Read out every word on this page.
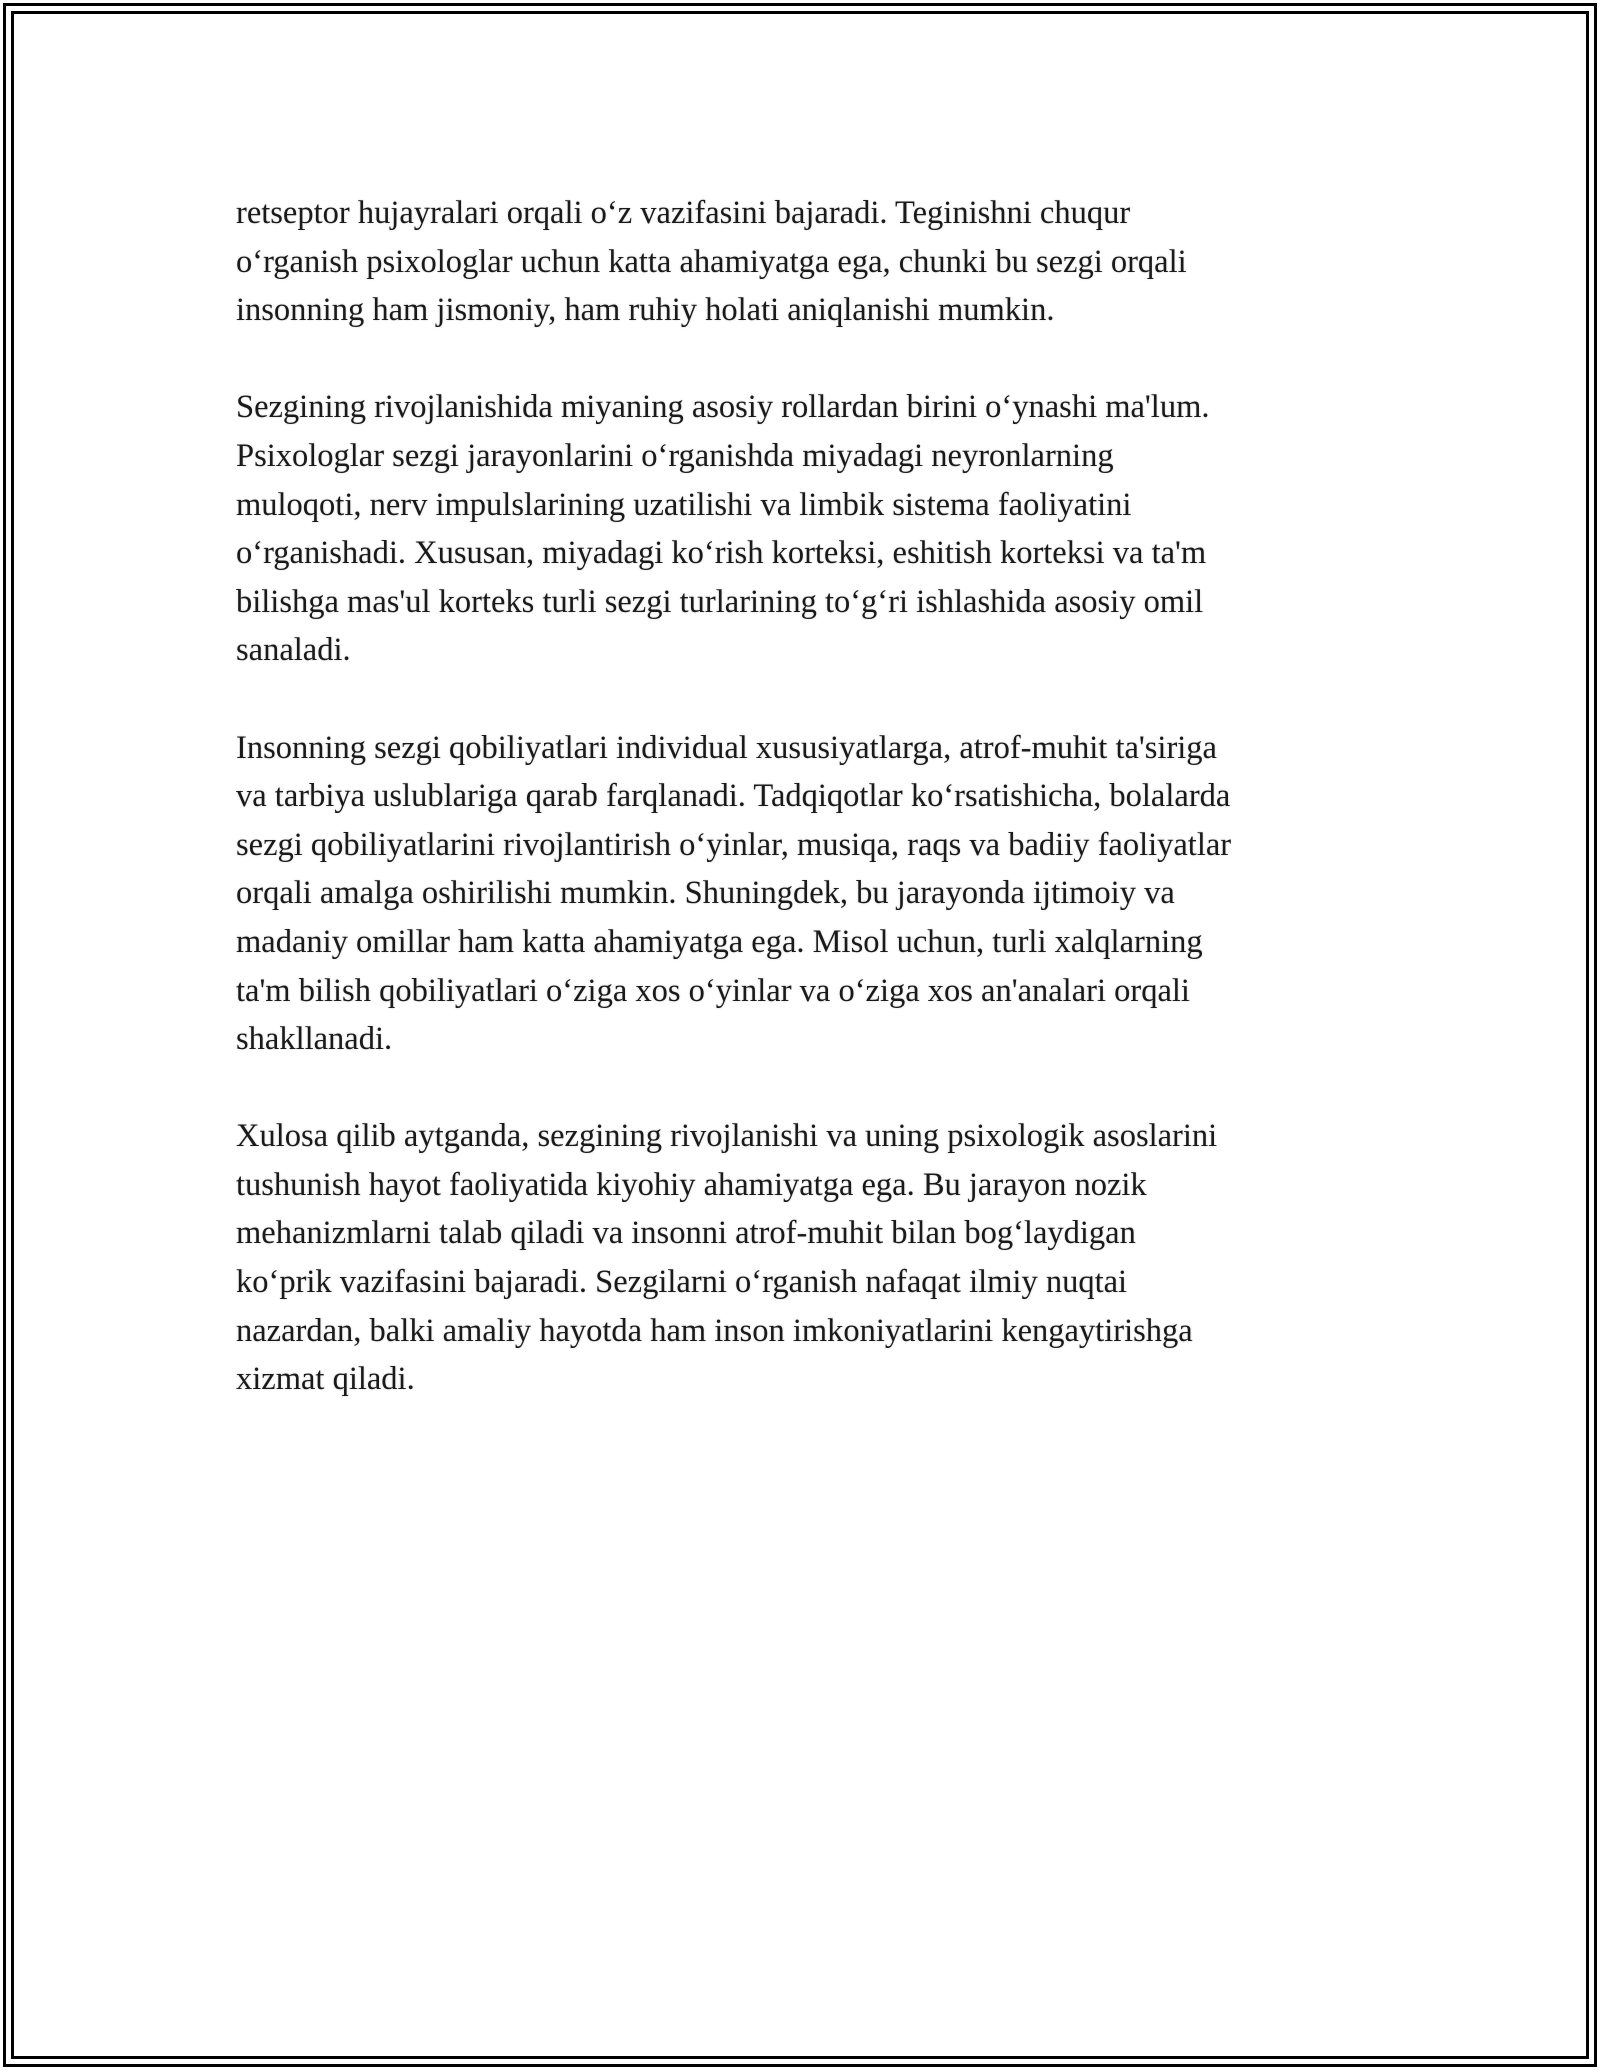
retseptor hujayralari orqali o‘z vazifasini bajaradi. Teginishni chuqur
o‘rganish psixologlar uchun katta ahamiyatga ega, chunki bu sezgi orqali
insonning ham jismoniy, ham ruhiy holati aniqlanishi mumkin.

Sezgining rivojlanishida miyaning asosiy rollardan birini o‘ynashi ma'lum.
Psixologlar sezgi jarayonlarini o‘rganishda miyadagi neyronlarning
muloqoti, nerv impulslarining uzatilishi va limbik sistema faoliyatini
o‘rganishadi. Xususan, miyadagi ko‘rish korteksi, eshitish korteksi va ta'm
bilishga mas'ul korteks turli sezgi turlarining to‘g‘ri ishlashida asosiy omil
sanaladi.

Insonning sezgi qobiliyatlari individual xususiyatlarga, atrof-muhit ta'siriga
va tarbiya uslublariga qarab farqlanadi. Tadqiqotlar ko‘rsatishicha, bolalarda
sezgi qobiliyatlarini rivojlantirish o‘yinlar, musiqa, raqs va badiiy faoliyatlar
orqali amalga oshirilishi mumkin. Shuningdek, bu jarayonda ijtimoiy va
madaniy omillar ham katta ahamiyatga ega. Misol uchun, turli xalqlarning
ta'm bilish qobiliyatlari o‘ziga xos o‘yinlar va o‘ziga xos an'analari orqali
shakllanadi.

Xulosa qilib aytganda, sezgining rivojlanishi va uning psixologik asoslarini
tushunish hayot faoliyatida kiyohiy ahamiyatga ega. Bu jarayon nozik
mehanizmlarni talab qiladi va insonni atrof-muhit bilan bog‘laydigan
ko‘prik vazifasini bajaradi. Sezgilarni o‘rganish nafaqat ilmiy nuqtai
nazardan, balki amaliy hayotda ham inson imkoniyatlarini kengaytirishga
xizmat qiladi.
